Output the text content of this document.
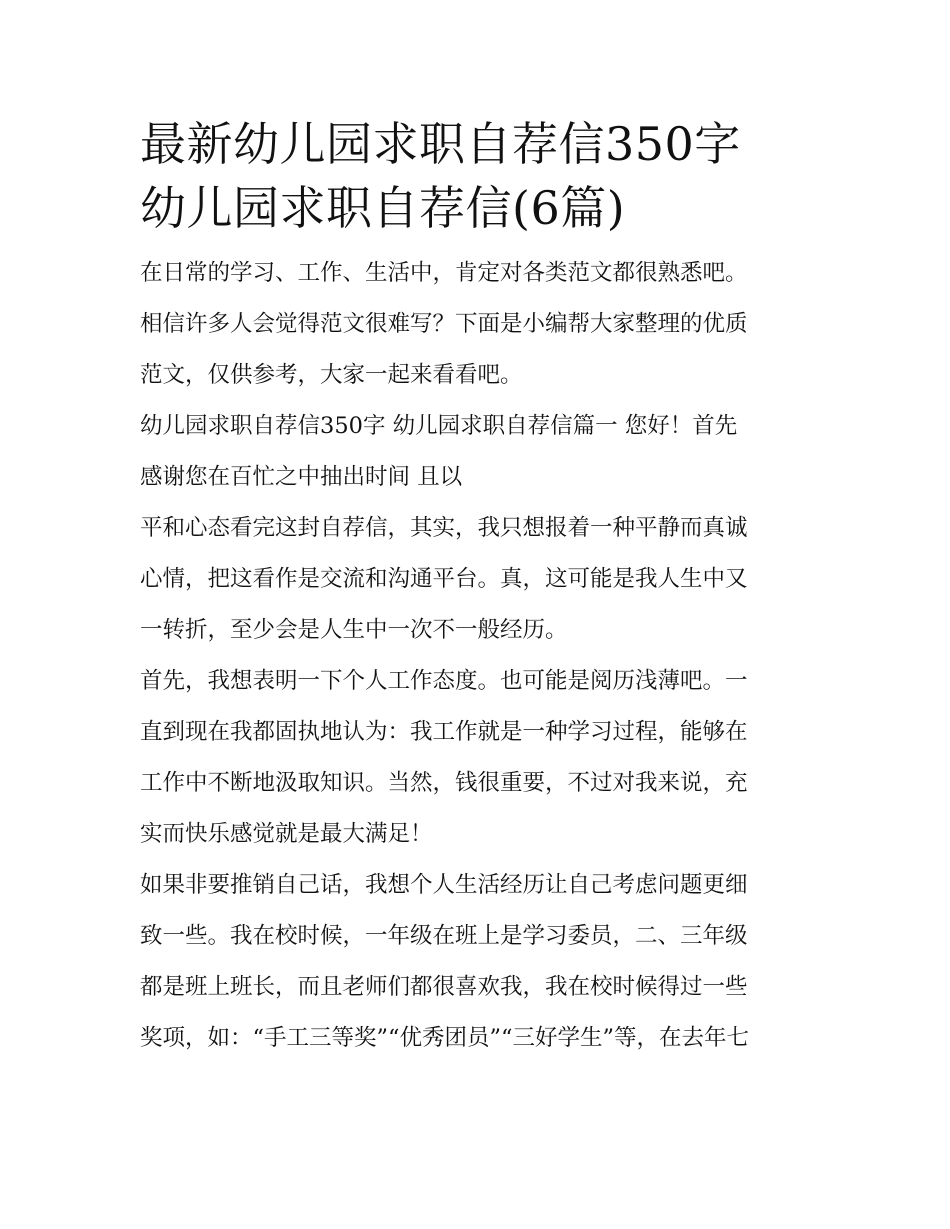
最新幼儿园求职自荐信350字
幼儿园求职自荐信(6篇)

在日常的学习、工作、生活中，肯定对各类范文都很熟悉吧。
相信许多人会觉得范文很难写？下面是小编帮大家整理的优质
范文，仅供参考，大家一起来看看吧。

幼儿园求职自荐信350字 幼儿园求职自荐信篇一 您好！首先
感谢您在百忙之中抽出时间 且以

平和心态看完这封自荐信，其实，我只想报着一种平静而真诚
心情，把这看作是交流和沟通平台。真，这可能是我人生中又
一转折，至少会是人生中一次不一般经历。

首先，我想表明一下个人工作态度。也可能是阅历浅薄吧。一
直到现在我都固执地认为：我工作就是一种学习过程，能够在
工作中不断地汲取知识。当然，钱很重要，不过对我来说，充
实而快乐感觉就是最大满足！

如果非要推销自己话，我想个人生活经历让自己考虑问题更细
致一些。我在校时候，一年级在班上是学习委员，二、三年级
都是班上班长，而且老师们都很喜欢我，我在校时候得过一些
奖项，如：“手工三等奖”“优秀团员”“三好学生”等，在去年七
